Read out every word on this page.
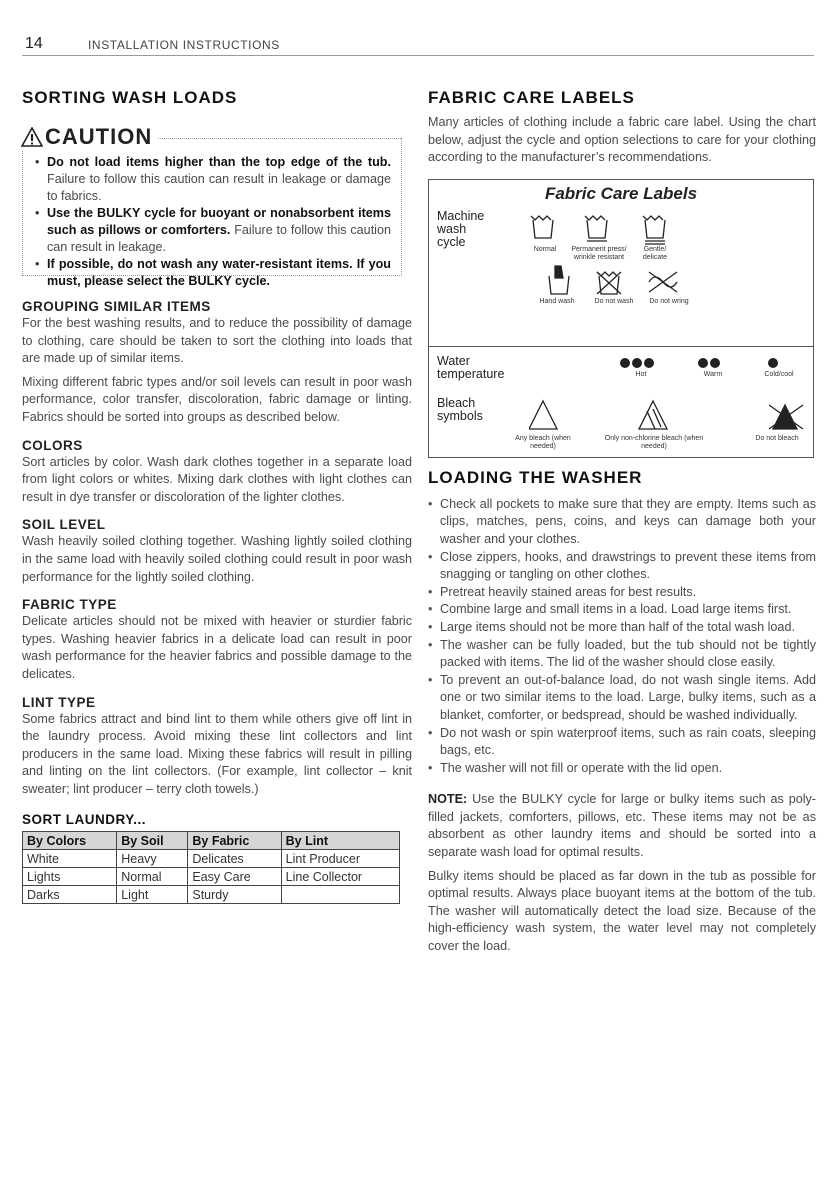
14	INSTALLATION INSTRUCTIONS
SORTING WASH LOADS
CAUTION
• Do not load items higher than the top edge of the tub. Failure to follow this caution can result in leakage or damage to fabrics.
• Use the BULKY cycle for buoyant or nonabsorbent items such as pillows or comforters. Failure to follow this caution can result in leakage.
• If possible, do not wash any water-resistant items. If you must, please select the BULKY cycle.
GROUPING SIMILAR ITEMS

For the best washing results, and to reduce the possibility of damage to clothing, care should be taken to sort the clothing into loads that are made up of similar items.

Mixing different fabric types and/or soil levels can result in poor wash performance, color transfer, discoloration, fabric damage or linting. Fabrics should be sorted into groups as described below.

COLORS

Sort articles by color. Wash dark clothes together in a separate load from light colors or whites. Mixing dark clothes with light clothes can result in dye transfer or discoloration of the lighter clothes.

SOIL LEVEL

Wash heavily soiled clothing together. Washing lightly soiled clothing in the same load with heavily soiled clothing could result in poor wash performance for the lightly soiled clothing.

FABRIC TYPE

Delicate articles should not be mixed with heavier or sturdier fabric types. Washing heavier fabrics in a delicate load can result in poor wash performance for the heavier fabrics and possible damage to the delicates.

LINT TYPE

Some fabrics attract and bind lint to them while others give off lint in the laundry process. Avoid mixing these lint collectors and lint producers in the same load. Mixing these fabrics will result in pilling and linting on the lint collectors. (For example, lint collector – knit sweater; lint producer – terry cloth towels.)

SORT LAUNDRY...
By Colors	By Soil	By Fabric	By Lint
White	Heavy	Delicates	Lint Producer
Lights	Normal	Easy Care	Line Collector
Darks	Light	Sturdy	
FABRIC CARE LABELS

Many articles of clothing include a fabric care label. Using the chart below, adjust the cycle and option selections to care for your clothing according to the manufacturer’s recommendations.

Fabric Care Labels
Machine
wash
cycle
Normal	Permanent press/ wrinkle resistant
Gentle/ delicate
Hand wash	Do not wash	Do not wring
Water
temperature	Hot	Warm	Cold/cool
Bleach
symbols
Any bleach (when needed)
Only non-chlorine bleach (when needed)
Do not bleach
LOADING THE WASHER
• Check all pockets to make sure that they are empty. Items such as clips, matches, pens, coins, and keys can damage both your washer and your clothes.
• Close zippers, hooks, and drawstrings to prevent these items from snagging or tangling on other clothes.
• Pretreat heavily stained areas for best results.
• Combine large and small items in a load. Load large items first.
• Large items should not be more than half of the total wash load.
• The washer can be fully loaded, but the tub should not be tightly packed with items. The lid of the washer should close easily.
• To prevent an out-of-balance load, do not wash single items. Add one or two similar items to the load. Large, bulky items, such as a blanket, comforter, or bedspread, should be washed individually.
• Do not wash or spin waterproof items, such as rain coats, sleeping bags, etc.
• The washer will not fill or operate with the lid open.

NOTE: Use the BULKY cycle for large or bulky items such as poly-filled jackets, comforters, pillows, etc. These items may not be as absorbent as other laundry items and should be sorted into a separate wash load for optimal results.

Bulky items should be placed as far down in the tub as possible for optimal results. Always place buoyant items at the bottom of the tub. The washer will automatically detect the load size. Because of the high-efficiency wash system, the water level may not completely cover the load.
